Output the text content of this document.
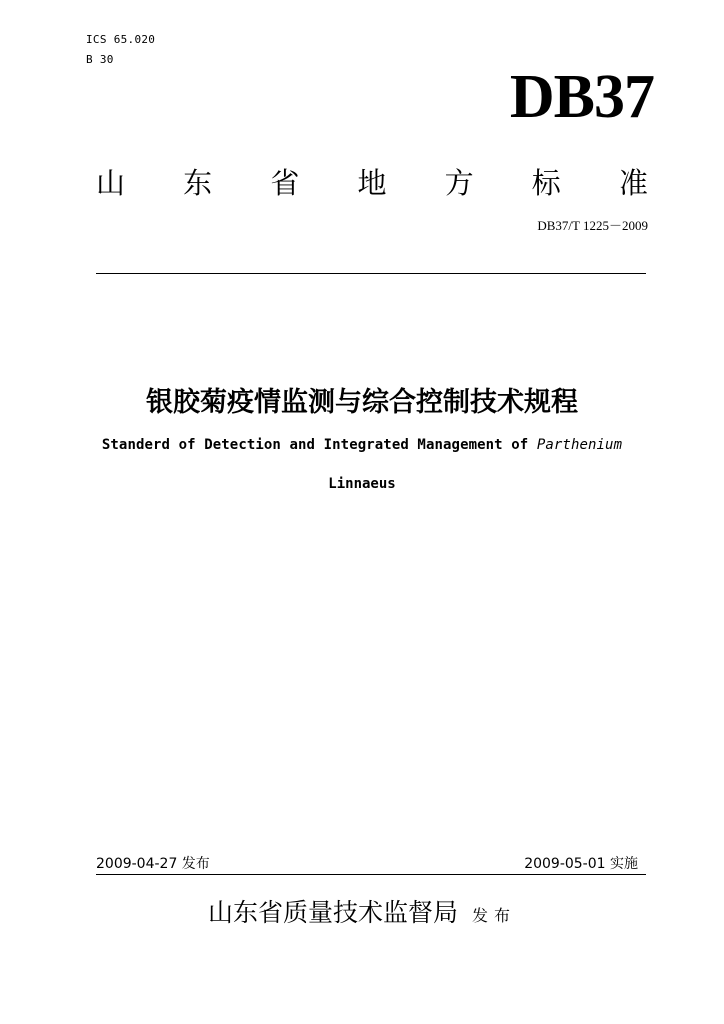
ICS 65.020
B 30
DB37
山 东 省 地 方 标 准
DB37/T 1225－2009
银胶菊疫情监测与综合控制技术规程
Standerd of Detection and Integrated Management of Parthenium
Linnaeus
2009-04-27 发布	2009-05-01 实施
山东省质量技术监督局 发布
